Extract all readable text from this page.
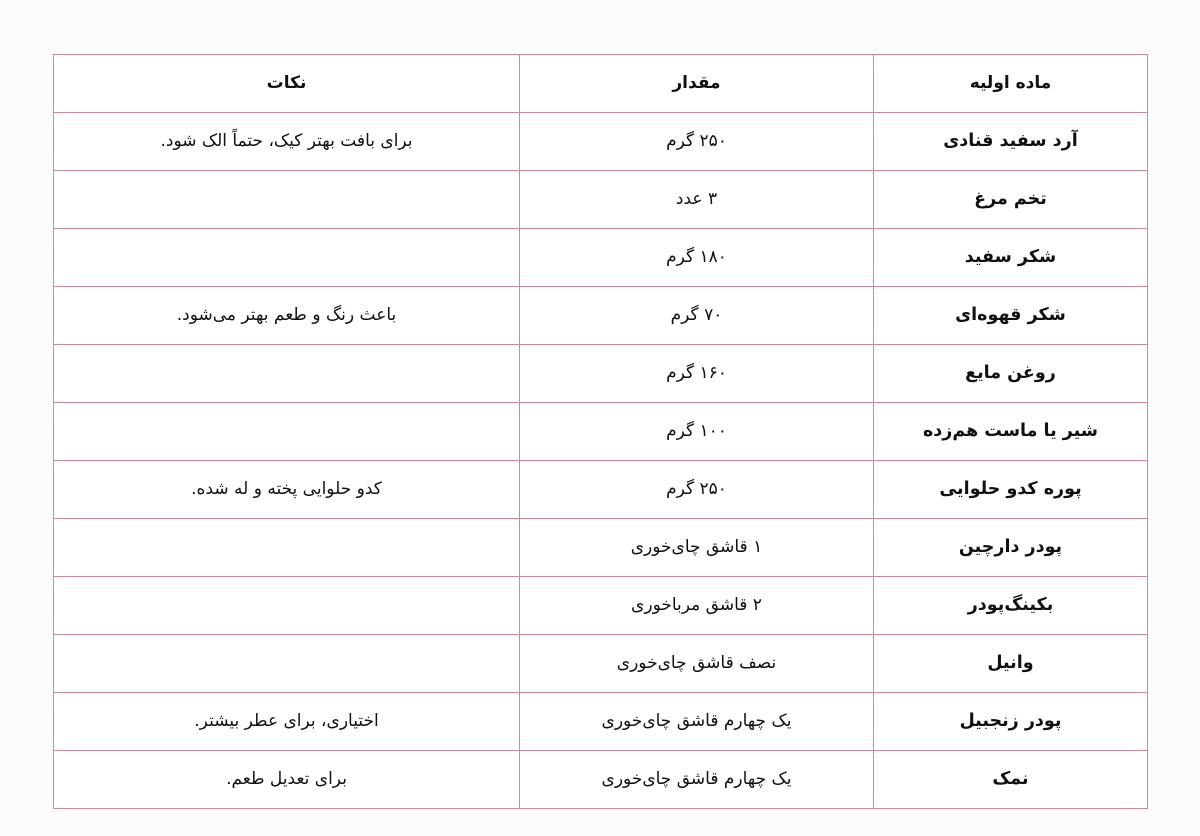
ماده اولیه	مقدار	نکات
آرد سفید قنادی	۲۵۰ گرم	برای بافت بهتر کیک، حتماً الک شود.
تخم مرغ	۳ عدد	
شکر سفید	۱۸۰ گرم	
شکر قهوه‌ای	۷۰ گرم	باعث رنگ و طعم بهتر می‌شود.
روغن مایع	۱۶۰ گرم	
شیر یا ماست هم‌زده	۱۰۰ گرم	
پوره کدو حلوایی	۲۵۰ گرم	کدو حلوایی پخته و له شده.
پودر دارچین	۱ قاشق چای‌خوری	
بکینگ‌پودر	۲ قاشق مرباخوری	
وانیل	نصف قاشق چای‌خوری	
پودر زنجبیل	یک چهارم قاشق چای‌خوری	اختیاری، برای عطر بیشتر.
نمک	یک چهارم قاشق چای‌خوری	برای تعدیل طعم.
